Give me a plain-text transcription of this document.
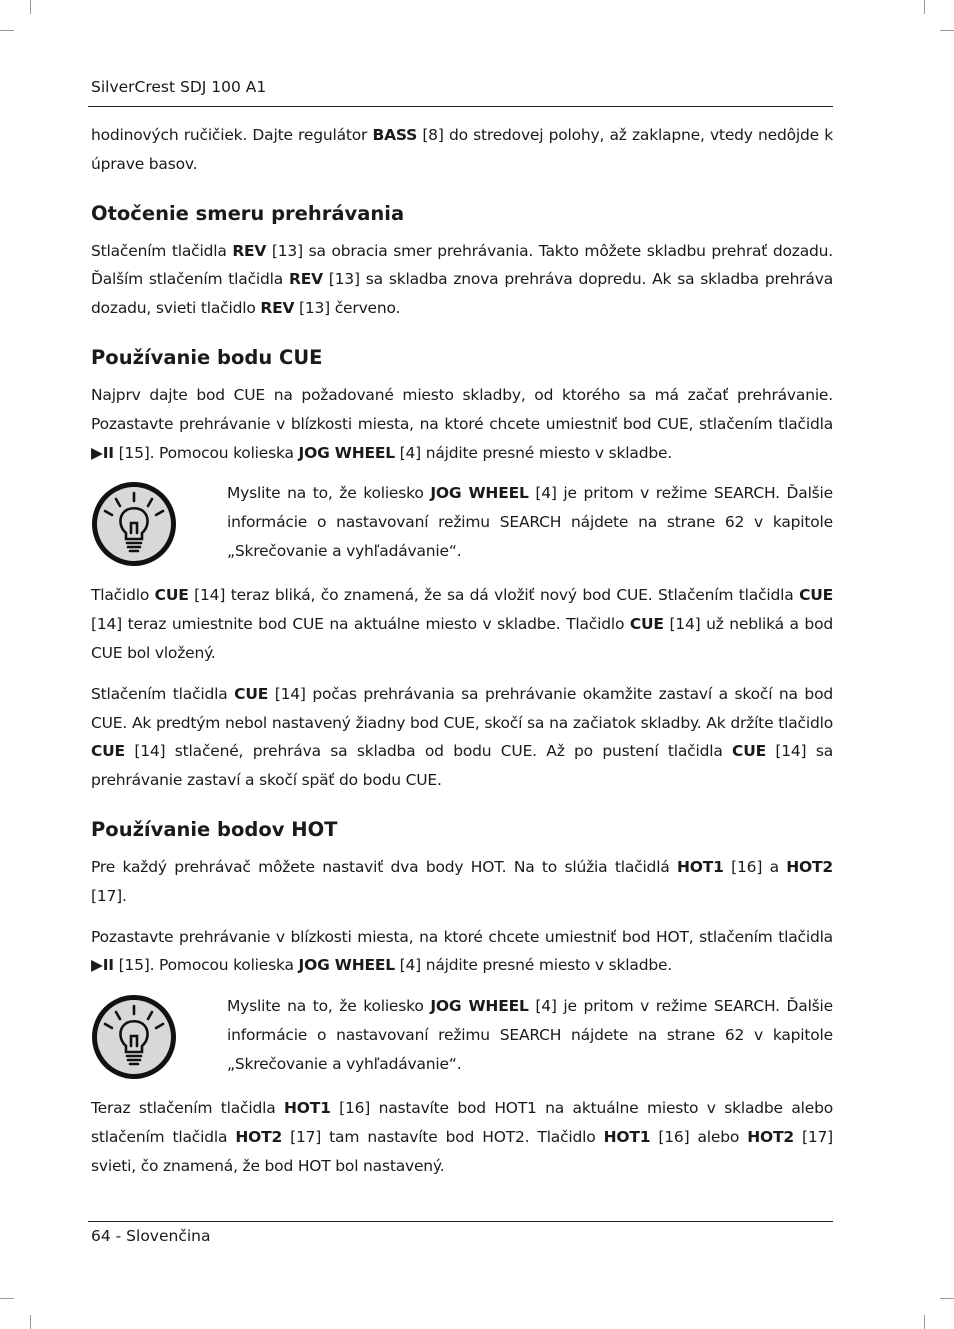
SilverCrest SDJ 100 A1

hodinových ručičiek. Dajte regulátor BASS [8] do stredovej polohy, až zaklapne, vtedy nedôjde k úprave basov.

Otočenie smeru prehrávania

Stlačením tlačidla REV [13] sa obracia smer prehrávania. Takto môžete skladbu prehrať dozadu. Ďalším stlačením tlačidla REV [13] sa skladba znova prehráva dopredu. Ak sa skladba prehráva dozadu, svieti tlačidlo REV [13] červeno.

Používanie bodu CUE

Najprv dajte bod CUE na požadované miesto skladby, od ktorého sa má začať prehrávanie. Pozastavte prehrávanie v blízkosti miesta, na ktoré chcete umiestniť bod CUE, stlačením tlačidla ▶II [15]. Pomocou kolieska JOG WHEEL [4] nájdite presné miesto v skladbe.

Myslite na to, že koliesko JOG WHEEL [4] je pritom v režime SEARCH. Ďalšie informácie o nastavovaní režimu SEARCH nájdete na strane 62 v kapitole „Skrečovanie a vyhľadávanie“.

Tlačidlo CUE [14] teraz bliká, čo znamená, že sa dá vložiť nový bod CUE. Stlačením tlačidla CUE [14] teraz umiestnite bod CUE na aktuálne miesto v skladbe. Tlačidlo CUE [14] už nebliká a bod CUE bol vložený.

Stlačením tlačidla CUE [14] počas prehrávania sa prehrávanie okamžite zastaví a skočí na bod CUE. Ak predtým nebol nastavený žiadny bod CUE, skočí sa na začiatok skladby. Ak držíte tlačidlo CUE [14] stlačené, prehráva sa skladba od bodu CUE. Až po pustení tlačidla CUE [14] sa prehrávanie zastaví a skočí späť do bodu CUE.

Používanie bodov HOT

Pre každý prehrávač môžete nastaviť dva body HOT. Na to slúžia tlačidlá HOT1 [16] a HOT2 [17].

Pozastavte prehrávanie v blízkosti miesta, na ktoré chcete umiestniť bod HOT, stlačením tlačidla ▶II [15]. Pomocou kolieska JOG WHEEL [4] nájdite presné miesto v skladbe.

Myslite na to, že koliesko JOG WHEEL [4] je pritom v režime SEARCH. Ďalšie informácie o nastavovaní režimu SEARCH nájdete na strane 62 v kapitole „Skrečovanie a vyhľadávanie“.

Teraz stlačením tlačidla HOT1 [16] nastavíte bod HOT1 na aktuálne miesto v skladbe alebo stlačením tlačidla HOT2 [17] tam nastavíte bod HOT2. Tlačidlo HOT1 [16] alebo HOT2 [17] svieti, čo znamená, že bod HOT bol nastavený.

64 - Slovenčina
